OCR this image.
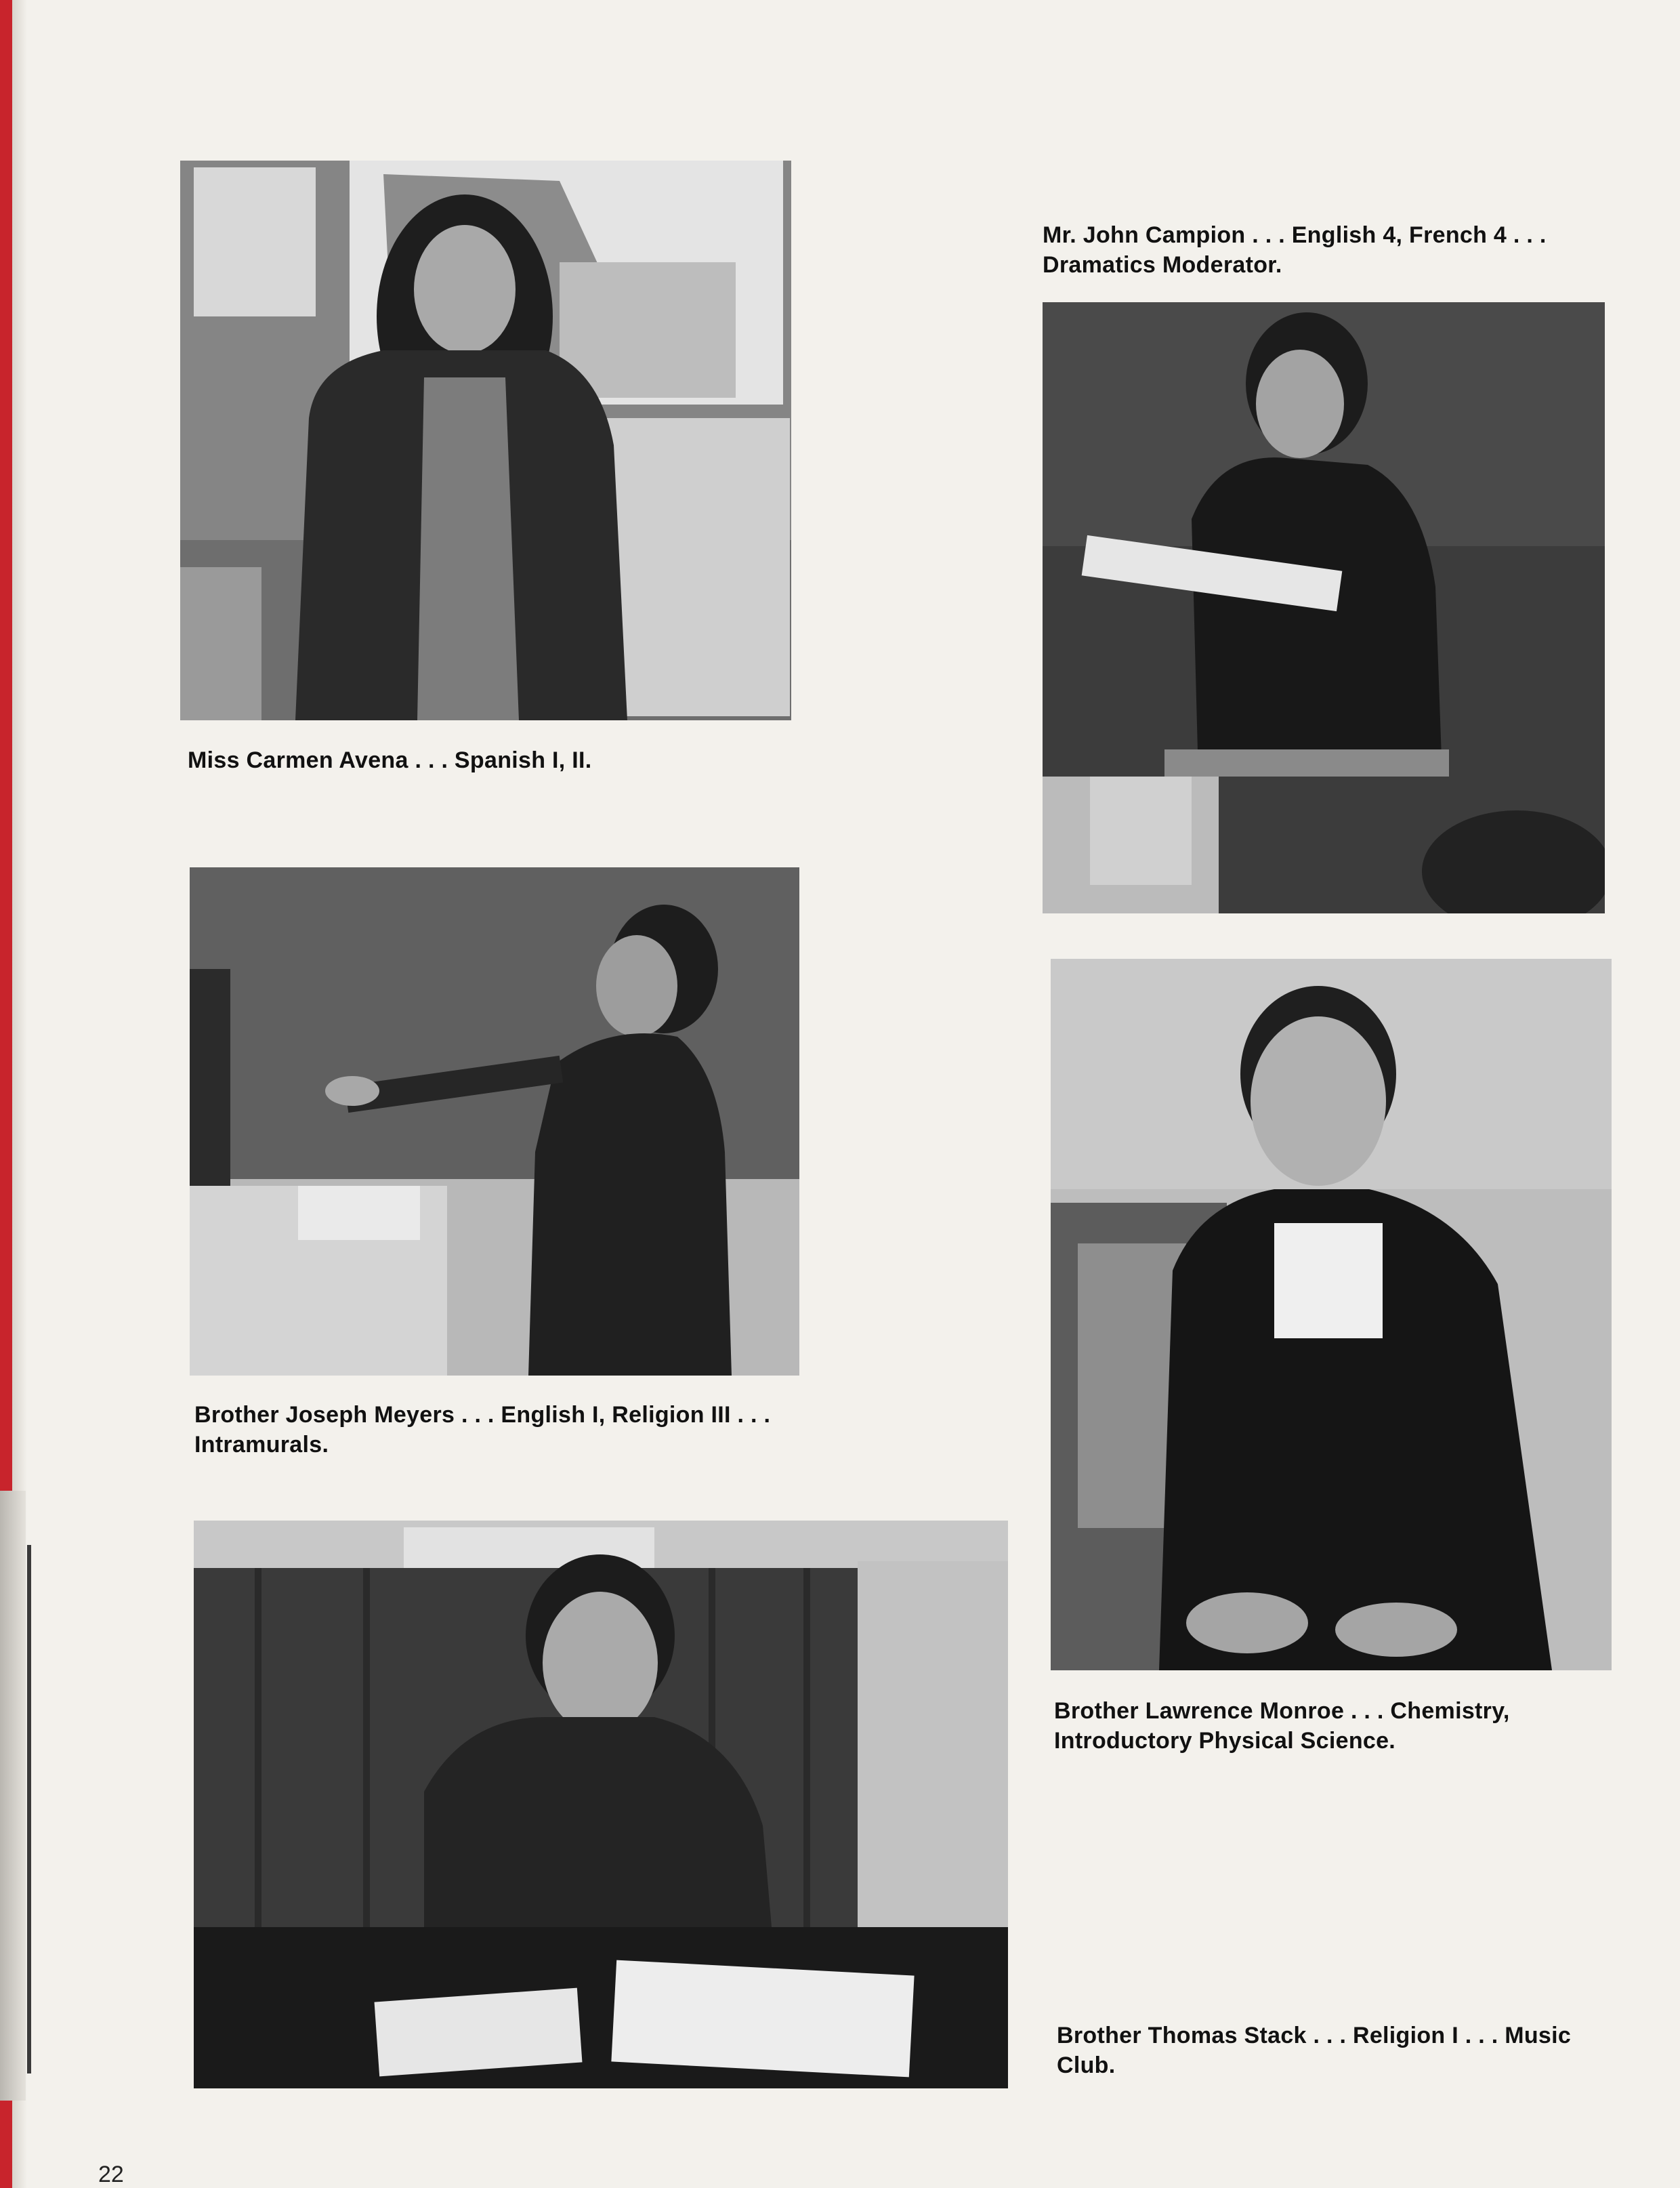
Miss Carmen Avena . . . Spanish I, II.
Mr. John Campion . . . English 4, French 4 . . . Dramatics Moderator.
Brother Joseph Meyers . . . English I, Religion III . . . Intramurals.
Brother Lawrence Monroe . . . Chemistry, Introductory Physical Science.
Brother Thomas Stack . . . Religion I . . . Music Club.
22
